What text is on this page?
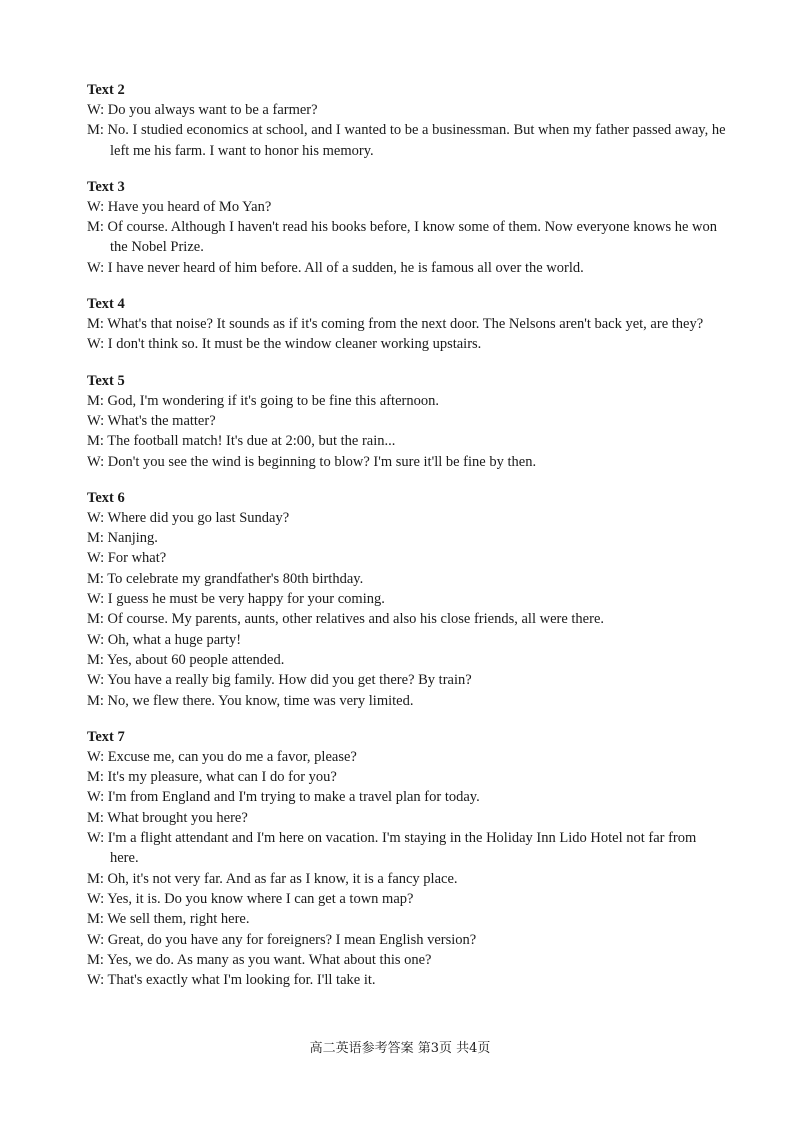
Text 2

W: Do you always want to be a farmer?

M: No. I studied economics at school, and I wanted to be a businessman. But when my father passed away, he left me his farm. I want to honor his memory.

Text 3

W: Have you heard of Mo Yan?

M: Of course. Although I haven't read his books before, I know some of them. Now everyone knows he won the Nobel Prize.

W: I have never heard of him before. All of a sudden, he is famous all over the world.

Text 4

M: What's that noise? It sounds as if it's coming from the next door. The Nelsons aren't back yet, are they?

W: I don't think so. It must be the window cleaner working upstairs.

Text 5

M: God, I'm wondering if it's going to be fine this afternoon.

W: What's the matter?

M: The football match! It's due at 2:00, but the rain...

W: Don't you see the wind is beginning to blow? I'm sure it'll be fine by then.

Text 6

W: Where did you go last Sunday?

M: Nanjing.

W: For what?

M: To celebrate my grandfather's 80th birthday.

W: I guess he must be very happy for your coming.

M: Of course. My parents, aunts, other relatives and also his close friends, all were there.

W: Oh, what a huge party!

M: Yes, about 60 people attended.

W: You have a really big family. How did you get there? By train?

M: No, we flew there. You know, time was very limited.

Text 7

W: Excuse me, can you do me a favor, please?

M: It's my pleasure, what can I do for you?

W: I'm from England and I'm trying to make a travel plan for today.

M: What brought you here?

W: I'm a flight attendant and I'm here on vacation. I'm staying in the Holiday Inn Lido Hotel not far from here.

M: Oh, it's not very far. And as far as I know, it is a fancy place.

W: Yes, it is. Do you know where I can get a town map?

M: We sell them, right here.

W: Great, do you have any for foreigners? I mean English version?

M: Yes, we do. As many as you want. What about this one?

W: That's exactly what I'm looking for. I'll take it.

高二英语参考答案 第3页 共4页
